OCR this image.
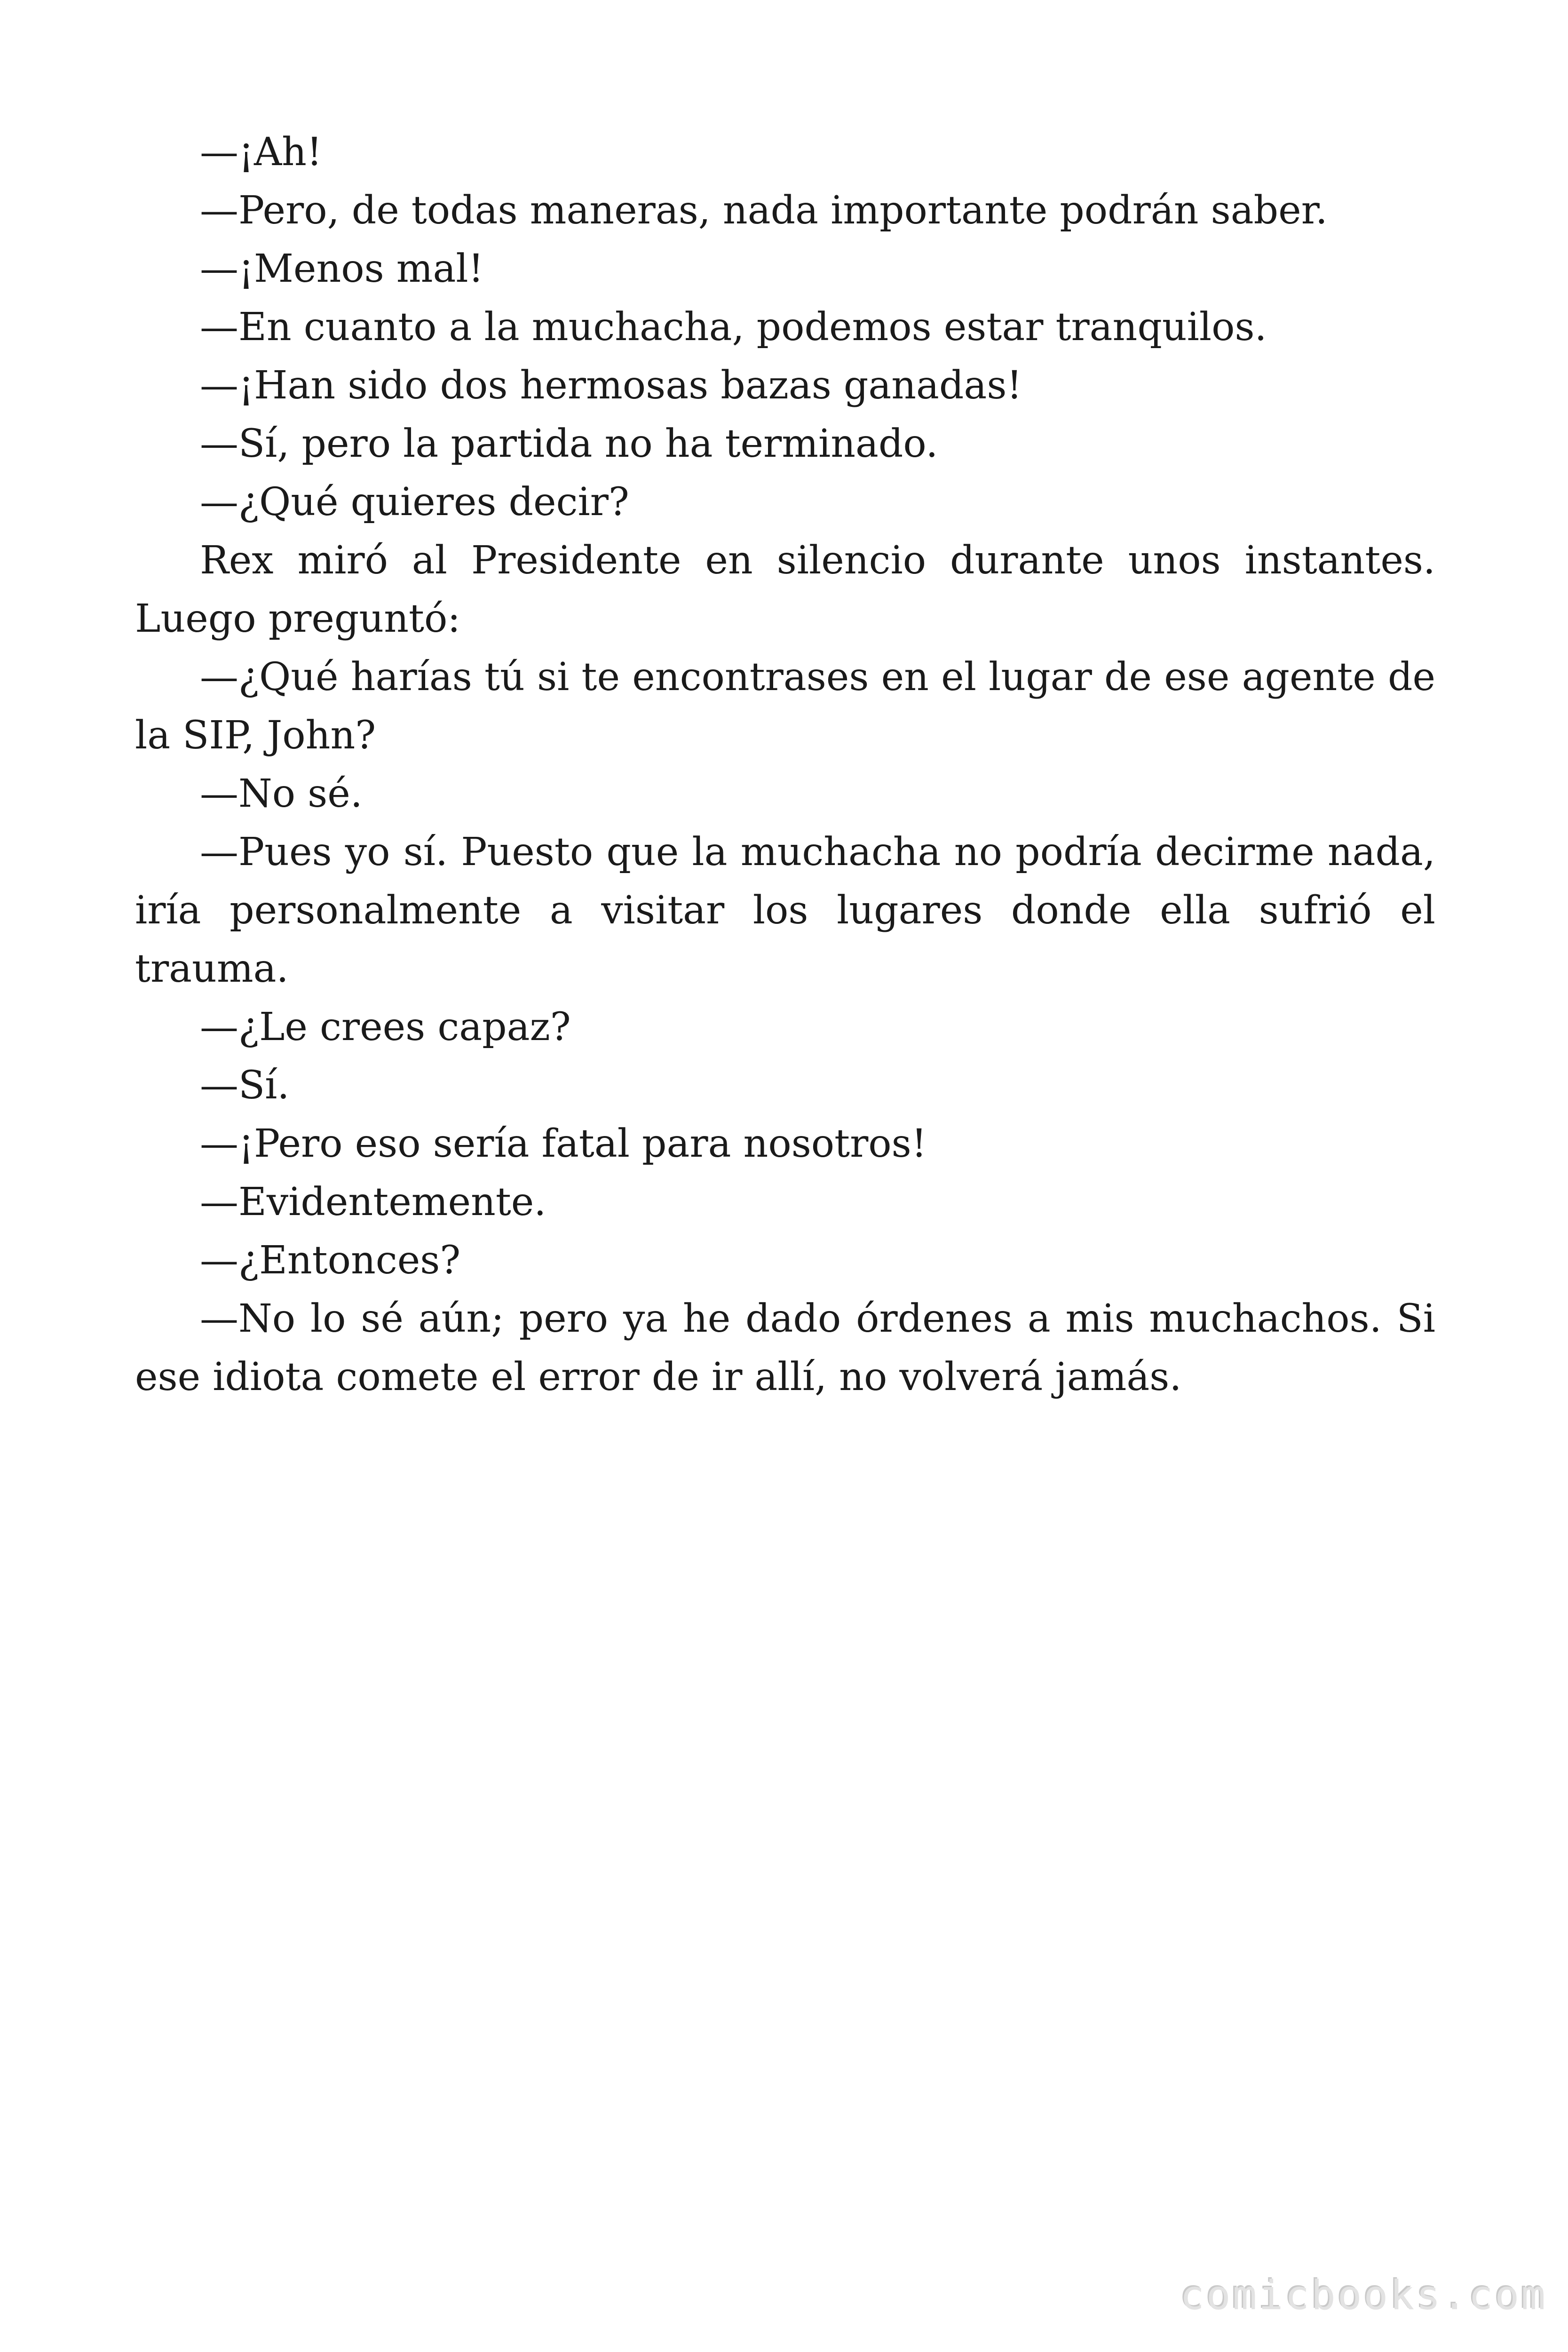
—¡Ah!

—Pero, de todas maneras, nada importante podrán saber.

—¡Menos mal!

—En cuanto a la muchacha, podemos estar tranquilos.

—¡Han sido dos hermosas bazas ganadas!

—Sí, pero la partida no ha terminado.

—¿Qué quieres decir?

Rex miró al Presidente en silencio durante unos instantes. Luego preguntó:

—¿Qué harías tú si te encontrases en el lugar de ese agente de la SIP, John?

—No sé.

—Pues yo sí. Puesto que la muchacha no podría decirme nada, iría personalmente a visitar los lugares donde ella sufrió el trauma.

—¿Le crees capaz?

—Sí.

—¡Pero eso sería fatal para nosotros!

—Evidentemente.

—¿Entonces?

—No lo sé aún; pero ya he dado órdenes a mis muchachos. Si ese idiota comete el error de ir allí, no volverá jamás.

comicbooks.com
